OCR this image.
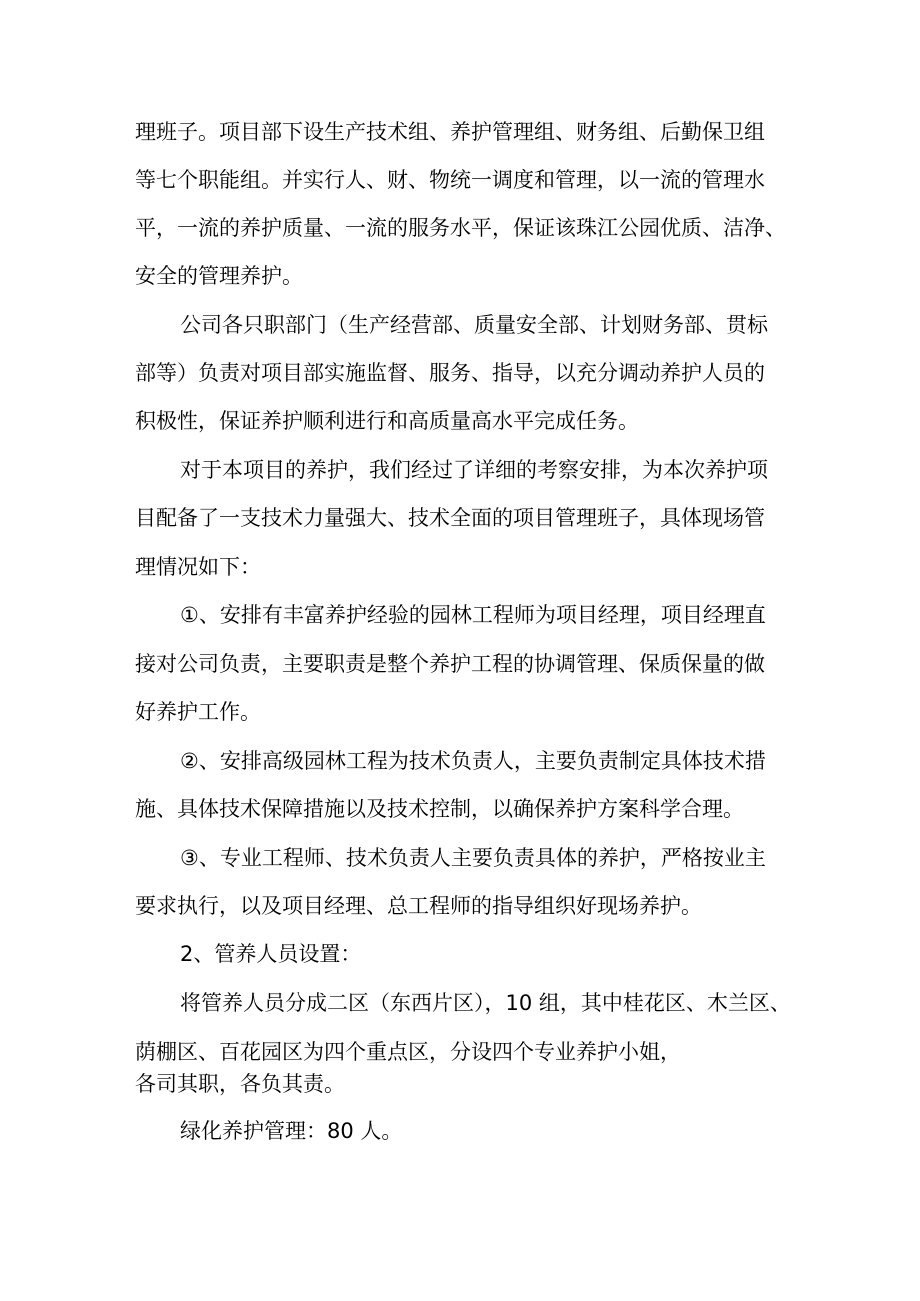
理班子。项目部下设生产技术组、养护管理组、财务组、后勤保卫组
等七个职能组。并实行人、财、物统一调度和管理，以一流的管理水
平，一流的养护质量、一流的服务水平，保证该珠江公园优质、洁净、
安全的管理养护。
公司各只职部门（生产经营部、质量安全部、计划财务部、贯标
部等）负责对项目部实施监督、服务、指导，以充分调动养护人员的
积极性，保证养护顺利进行和高质量高水平完成任务。
对于本项目的养护，我们经过了详细的考察安排，为本次养护项
目配备了一支技术力量强大、技术全面的项目管理班子，具体现场管
理情况如下：
①、安排有丰富养护经验的园林工程师为项目经理，项目经理直
接对公司负责，主要职责是整个养护工程的协调管理、保质保量的做
好养护工作。
②、安排高级园林工程为技术负责人，主要负责制定具体技术措
施、具体技术保障措施以及技术控制，以确保养护方案科学合理。
③、专业工程师、技术负责人主要负责具体的养护，严格按业主
要求执行，以及项目经理、总工程师的指导组织好现场养护。
2、管养人员设置：
将管养人员分成二区（东西片区），10 组，其中桂花区、木兰区、
荫棚区、百花园区为四个重点区，分设四个专业养护小姐，
各司其职，各负其责。
绿化养护管理：80 人。
